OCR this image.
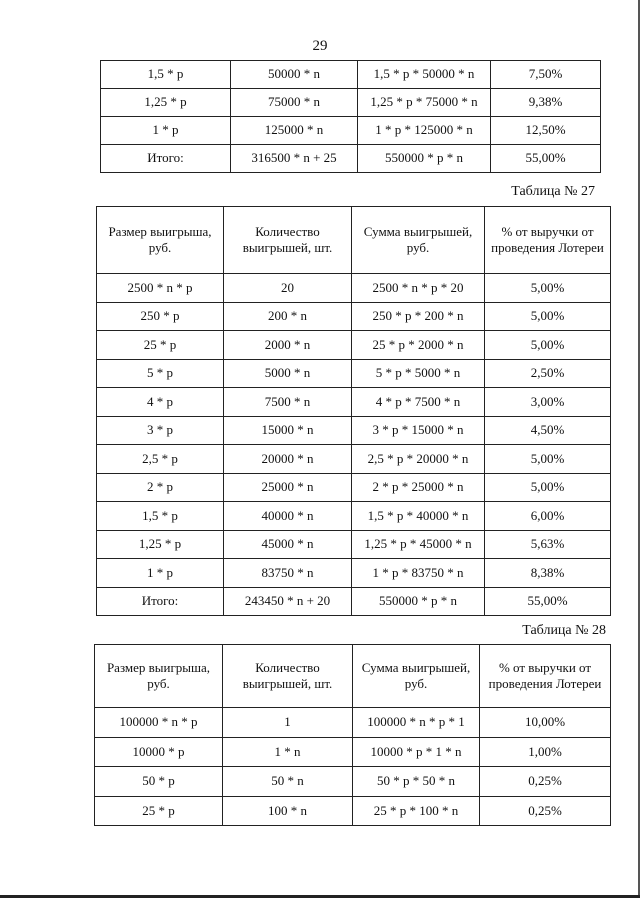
29
1,5 * p	50000 * n	1,5 * p * 50000 * n	7,50%
1,25 * p	75000 * n	1,25 * p * 75000 * n	9,38%
1 * p	125000 * n	1 * p * 125000 * n	12,50%
Итого:	316500 * n + 25	550000 * p * n	55,00%
Таблица № 27
Размер выигрыша, руб.	Количество выигрышей, шт.	Сумма выигрышей, руб.	% от выручки от проведения Лотереи
2500 * n * p	20	2500 * n * p * 20	5,00%
250 * p	200 * n	250 * p * 200 * n	5,00%
25 * p	2000 * n	25 * p * 2000 * n	5,00%
5 * p	5000 * n	5 * p * 5000 * n	2,50%
4 * p	7500 * n	4 * p * 7500 * n	3,00%
3 * p	15000 * n	3 * p * 15000 * n	4,50%
2,5 * p	20000 * n	2,5 * p * 20000 * n	5,00%
2 * p	25000 * n	2 * p * 25000 * n	5,00%
1,5 * p	40000 * n	1,5 * p * 40000 * n	6,00%
1,25 * p	45000 * n	1,25 * p * 45000 * n	5,63%
1 * p	83750 * n	1 * p * 83750 * n	8,38%
Итого:	243450 * n + 20	550000 * p * n	55,00%
Таблица № 28
Размер выигрыша, руб.	Количество выигрышей, шт.	Сумма выигрышей, руб.	% от выручки от проведения Лотереи
100000 * n * p	1	100000 * n * p * 1	10,00%
10000 * p	1 * n	10000 * p * 1 * n	1,00%
50 * p	50 * n	50 * p * 50 * n	0,25%
25 * p	100 * n	25 * p * 100 * n	0,25%
